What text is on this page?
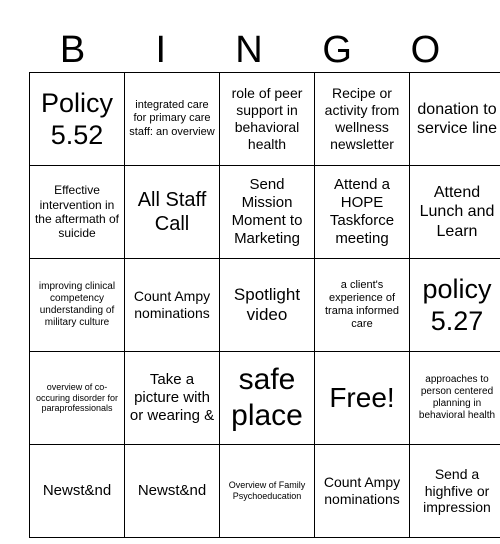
B	I	N	G	O
Policy 5.52	integrated care for primary care staff: an overview	role of peer support in behavioral health	Recipe or activity from wellness newsletter	donation to service line
Effective intervention in the aftermath of suicide	All Staff Call	Send Mission Moment to Marketing	Attend a HOPE Taskforce meeting	Attend Lunch and Learn
improving clinical competency understanding of military culture	Count Ampy nominations	Spotlight video	a client's experience of trama informed care	policy 5.27
overview of co-occuring disorder for paraprofessionals	Take a picture with or wearing &	safe place	Free!	approaches to person centered planning in behavioral health
Newst&nd	Newst&nd	Overview of Family Psychoeducation	Count Ampy nominations	Send a highfive or impression
